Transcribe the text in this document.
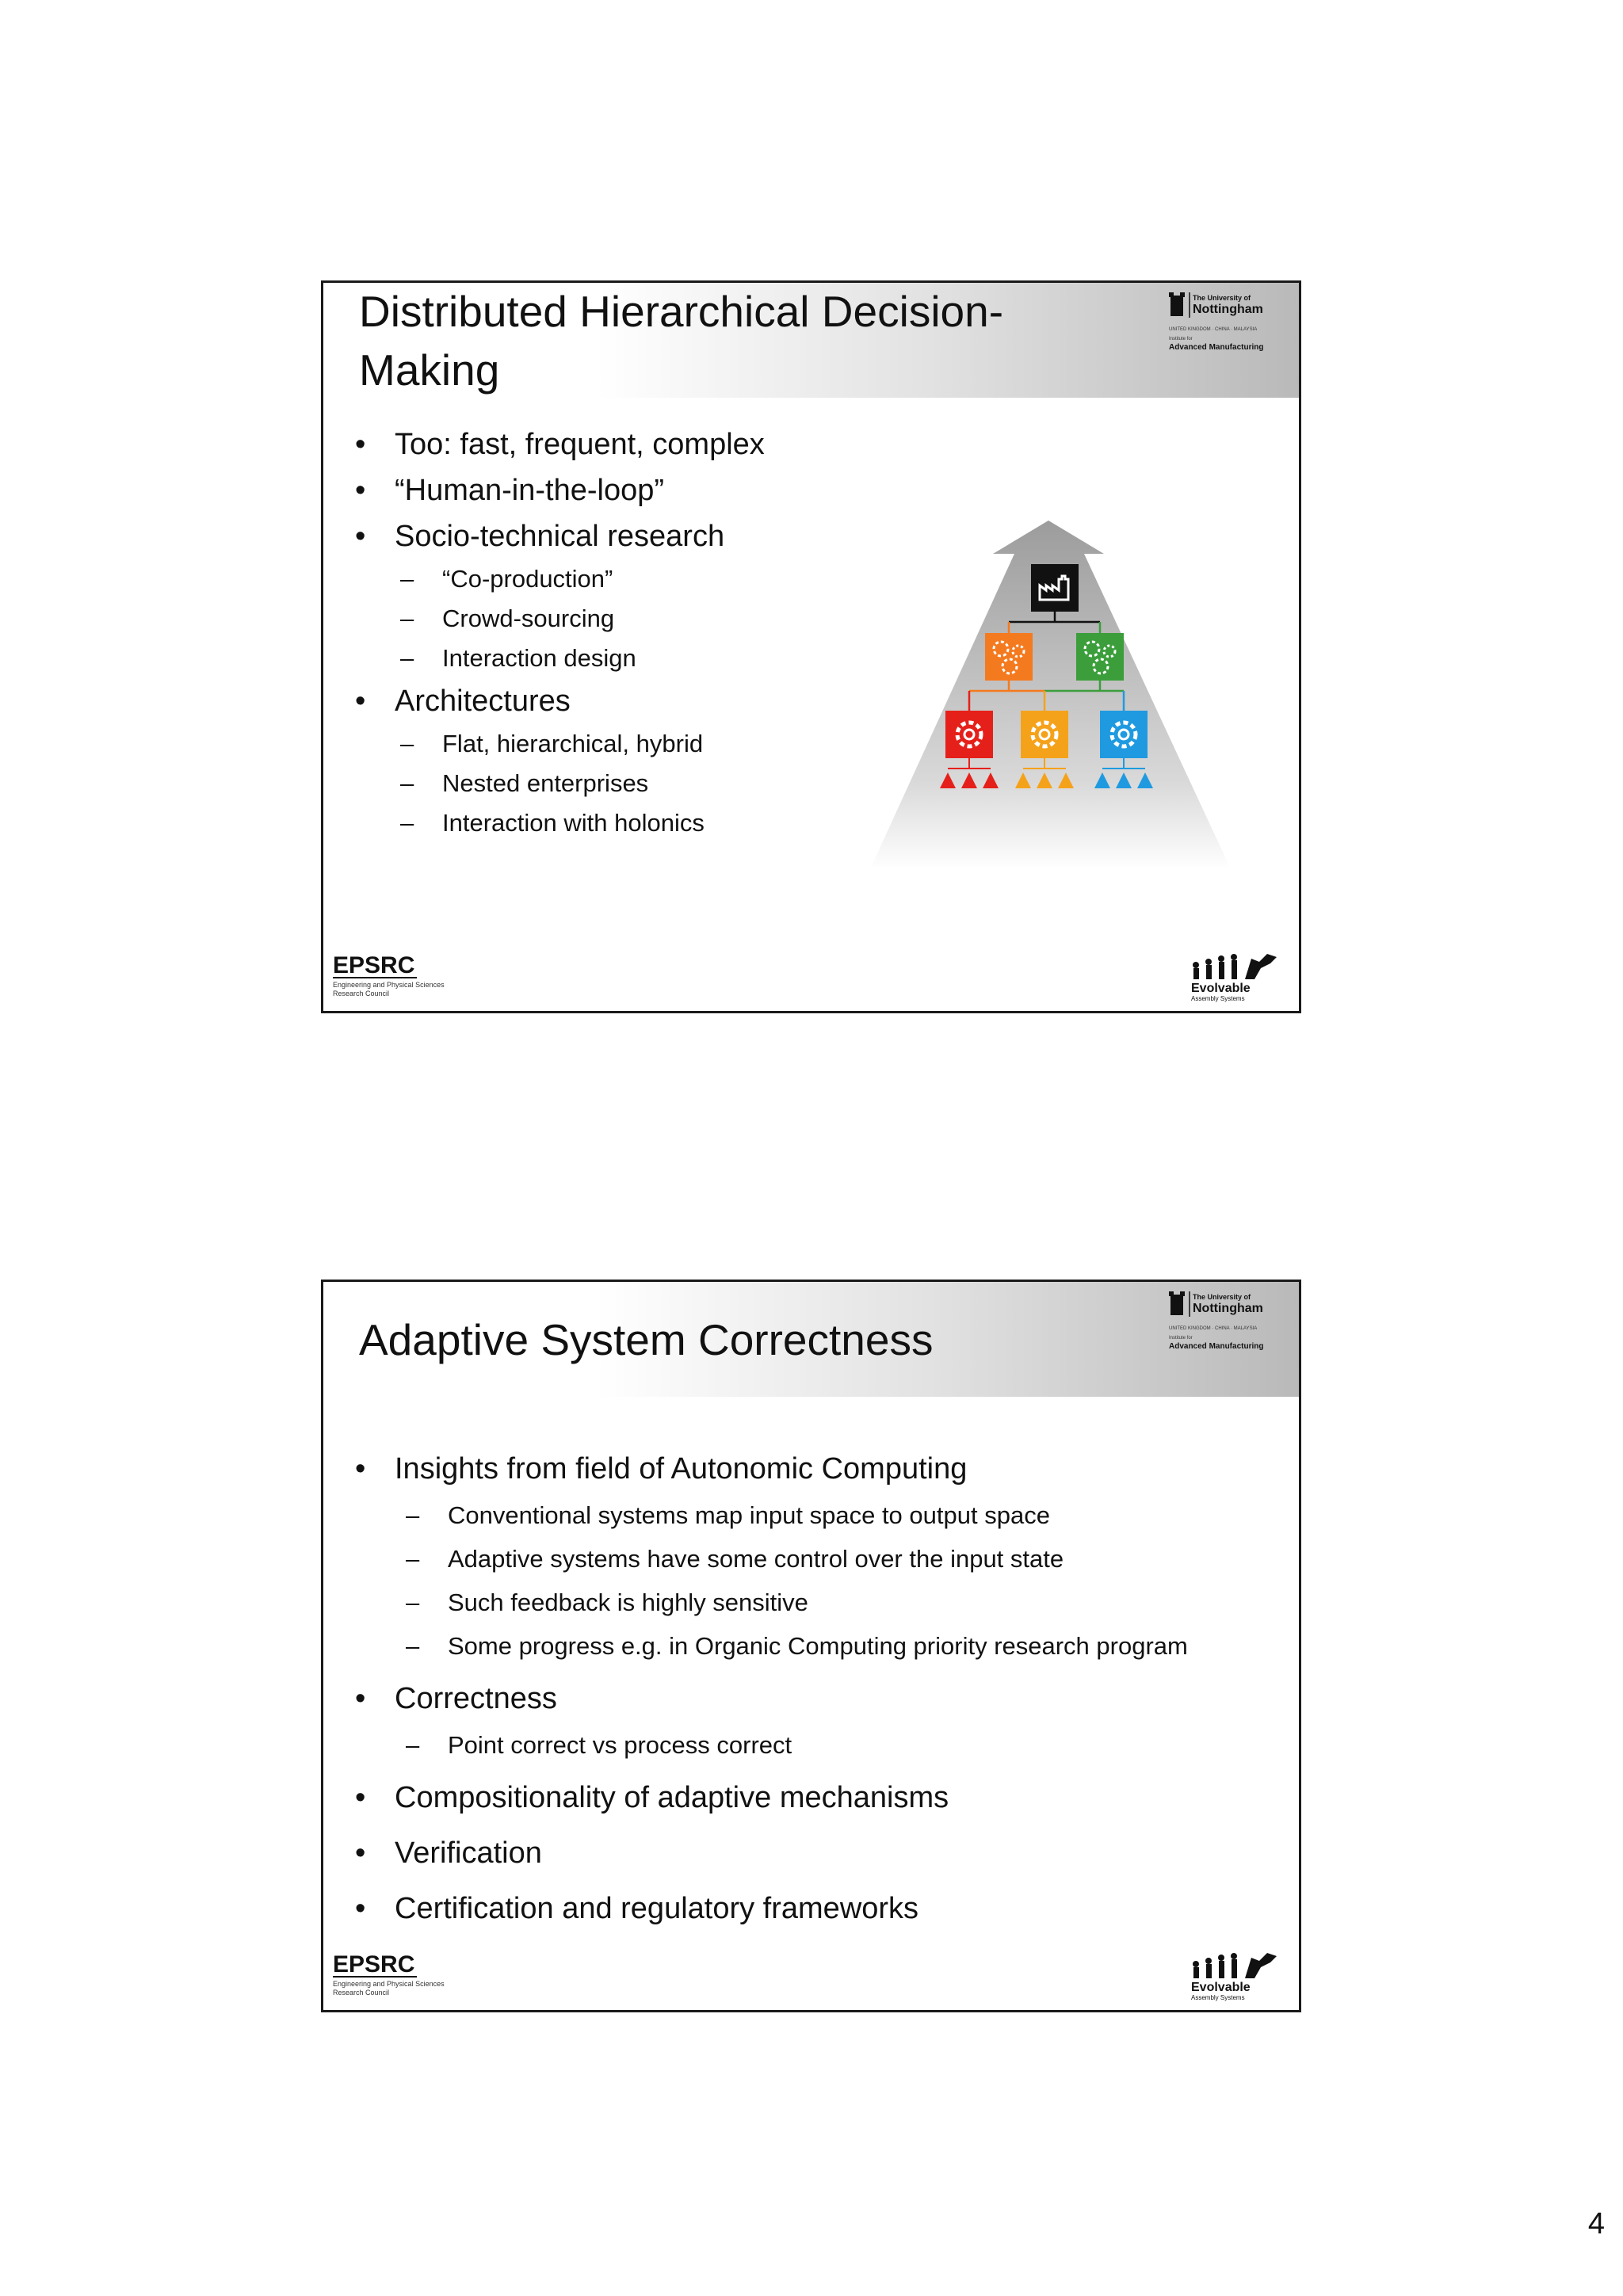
Distributed Hierarchical Decision-Making
The University of
Nottingham
UNITED KINGDOM · CHINA · MALAYSIA
Institute for
Advanced Manufacturing
• Too: fast, frequent, complex
• “Human-in-the-loop”
• Socio-technical research
– “Co-production”
– Crowd-sourcing
– Interaction design
• Architectures
– Flat, hierarchical, hybrid
– Nested enterprises
– Interaction with holonics
EPSRC
Engineering and Physical Sciences
Research Council	Evolvable
Assembly Systems
Adaptive System Correctness
The University of
Nottingham
UNITED KINGDOM · CHINA · MALAYSIA
Institute for
Advanced Manufacturing
• Insights from field of Autonomic Computing
– Conventional systems map input space to output space
– Adaptive systems have some control over the input state
– Such feedback is highly sensitive
– Some progress e.g. in Organic Computing priority research program
• Correctness
– Point correct vs process correct
• Compositionality of adaptive mechanisms
• Verification
• Certification and regulatory frameworks
EPSRC
Engineering and Physical Sciences
Research Council	Evolvable
Assembly Systems
4
